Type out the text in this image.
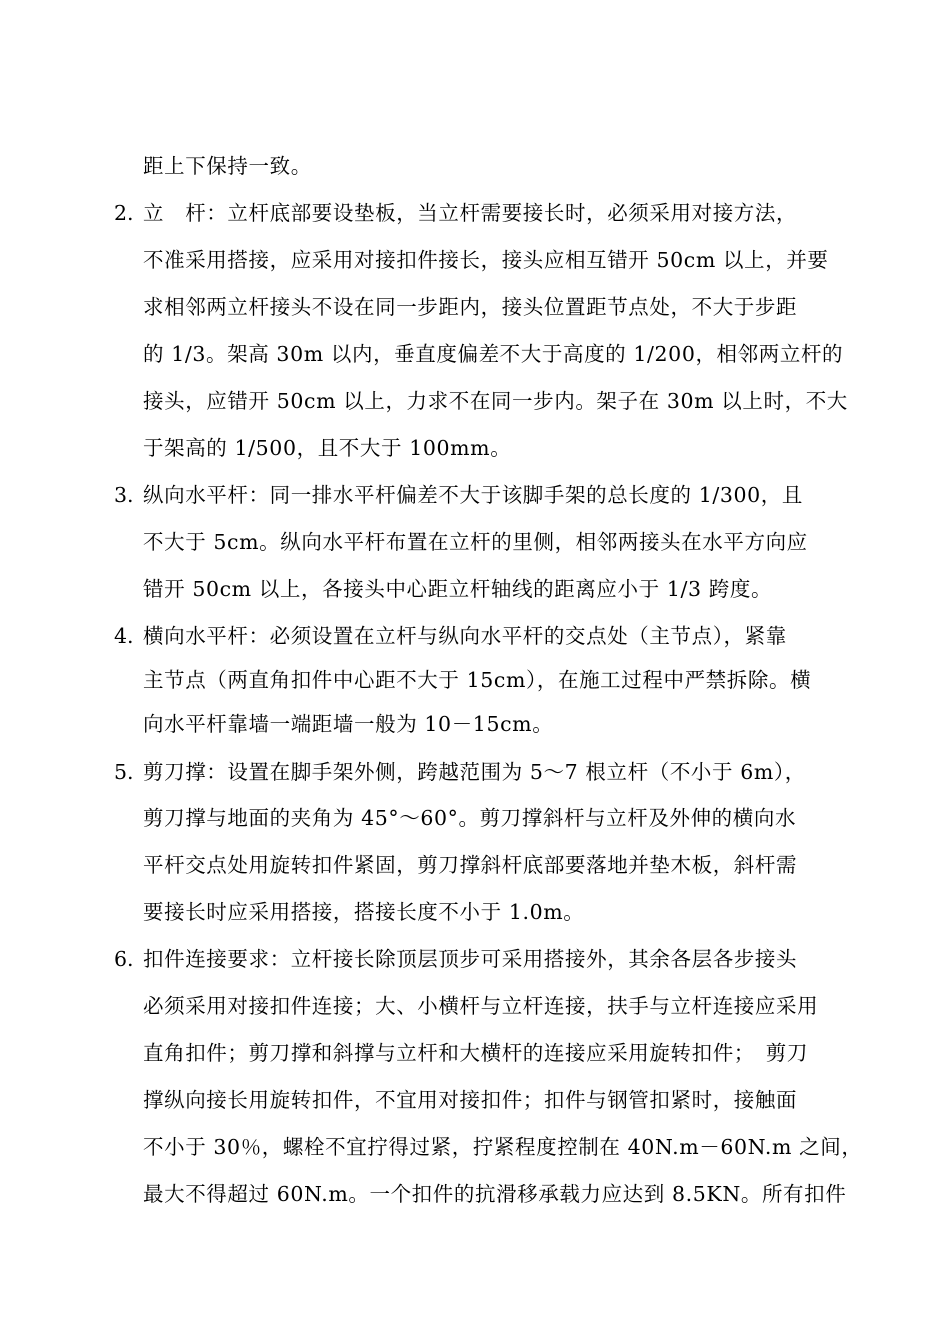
距上下保持一致。
2. 立　杆：立杆底部要设垫板，当立杆需要接长时，必须采用对接方法，
不准采用搭接，应采用对接扣件接长，接头应相互错开 50cm 以上，并要
求相邻两立杆接头不设在同一步距内，接头位置距节点处，不大于步距
的 1/3。架高 30m 以内，垂直度偏差不大于高度的 1/200，相邻两立杆的
接头，应错开 50cm 以上，力求不在同一步内。架子在 30m 以上时，不大
于架高的 1/500，且不大于 100mm。
3. 纵向水平杆：同一排水平杆偏差不大于该脚手架的总长度的 1/300，且
不大于 5cm。纵向水平杆布置在立杆的里侧，相邻两接头在水平方向应
错开 50cm 以上，各接头中心距立杆轴线的距离应小于 1/3 跨度。
4. 横向水平杆：必须设置在立杆与纵向水平杆的交点处（主节点），紧靠
主节点（两直角扣件中心距不大于 15cm），在施工过程中严禁拆除。横
向水平杆靠墙一端距墙一般为 10－15cm。
5. 剪刀撑：设置在脚手架外侧，跨越范围为 5～7 根立杆（不小于 6m），
剪刀撑与地面的夹角为 45°～60°。剪刀撑斜杆与立杆及外伸的横向水
平杆交点处用旋转扣件紧固，剪刀撑斜杆底部要落地并垫木板，斜杆需
要接长时应采用搭接，搭接长度不小于 1.0m。
6. 扣件连接要求：立杆接长除顶层顶步可采用搭接外，其余各层各步接头
必须采用对接扣件连接；大、小横杆与立杆连接，扶手与立杆连接应采用
直角扣件；剪刀撑和斜撑与立杆和大横杆的连接应采用旋转扣件；　剪刀
撑纵向接长用旋转扣件，不宜用对接扣件；扣件与钢管扣紧时，接触面
不小于 30％，螺栓不宜拧得过紧，拧紧程度控制在 40N.m－60N.m 之间，
最大不得超过 60N.m。一个扣件的抗滑移承载力应达到 8.5KN。所有扣件
